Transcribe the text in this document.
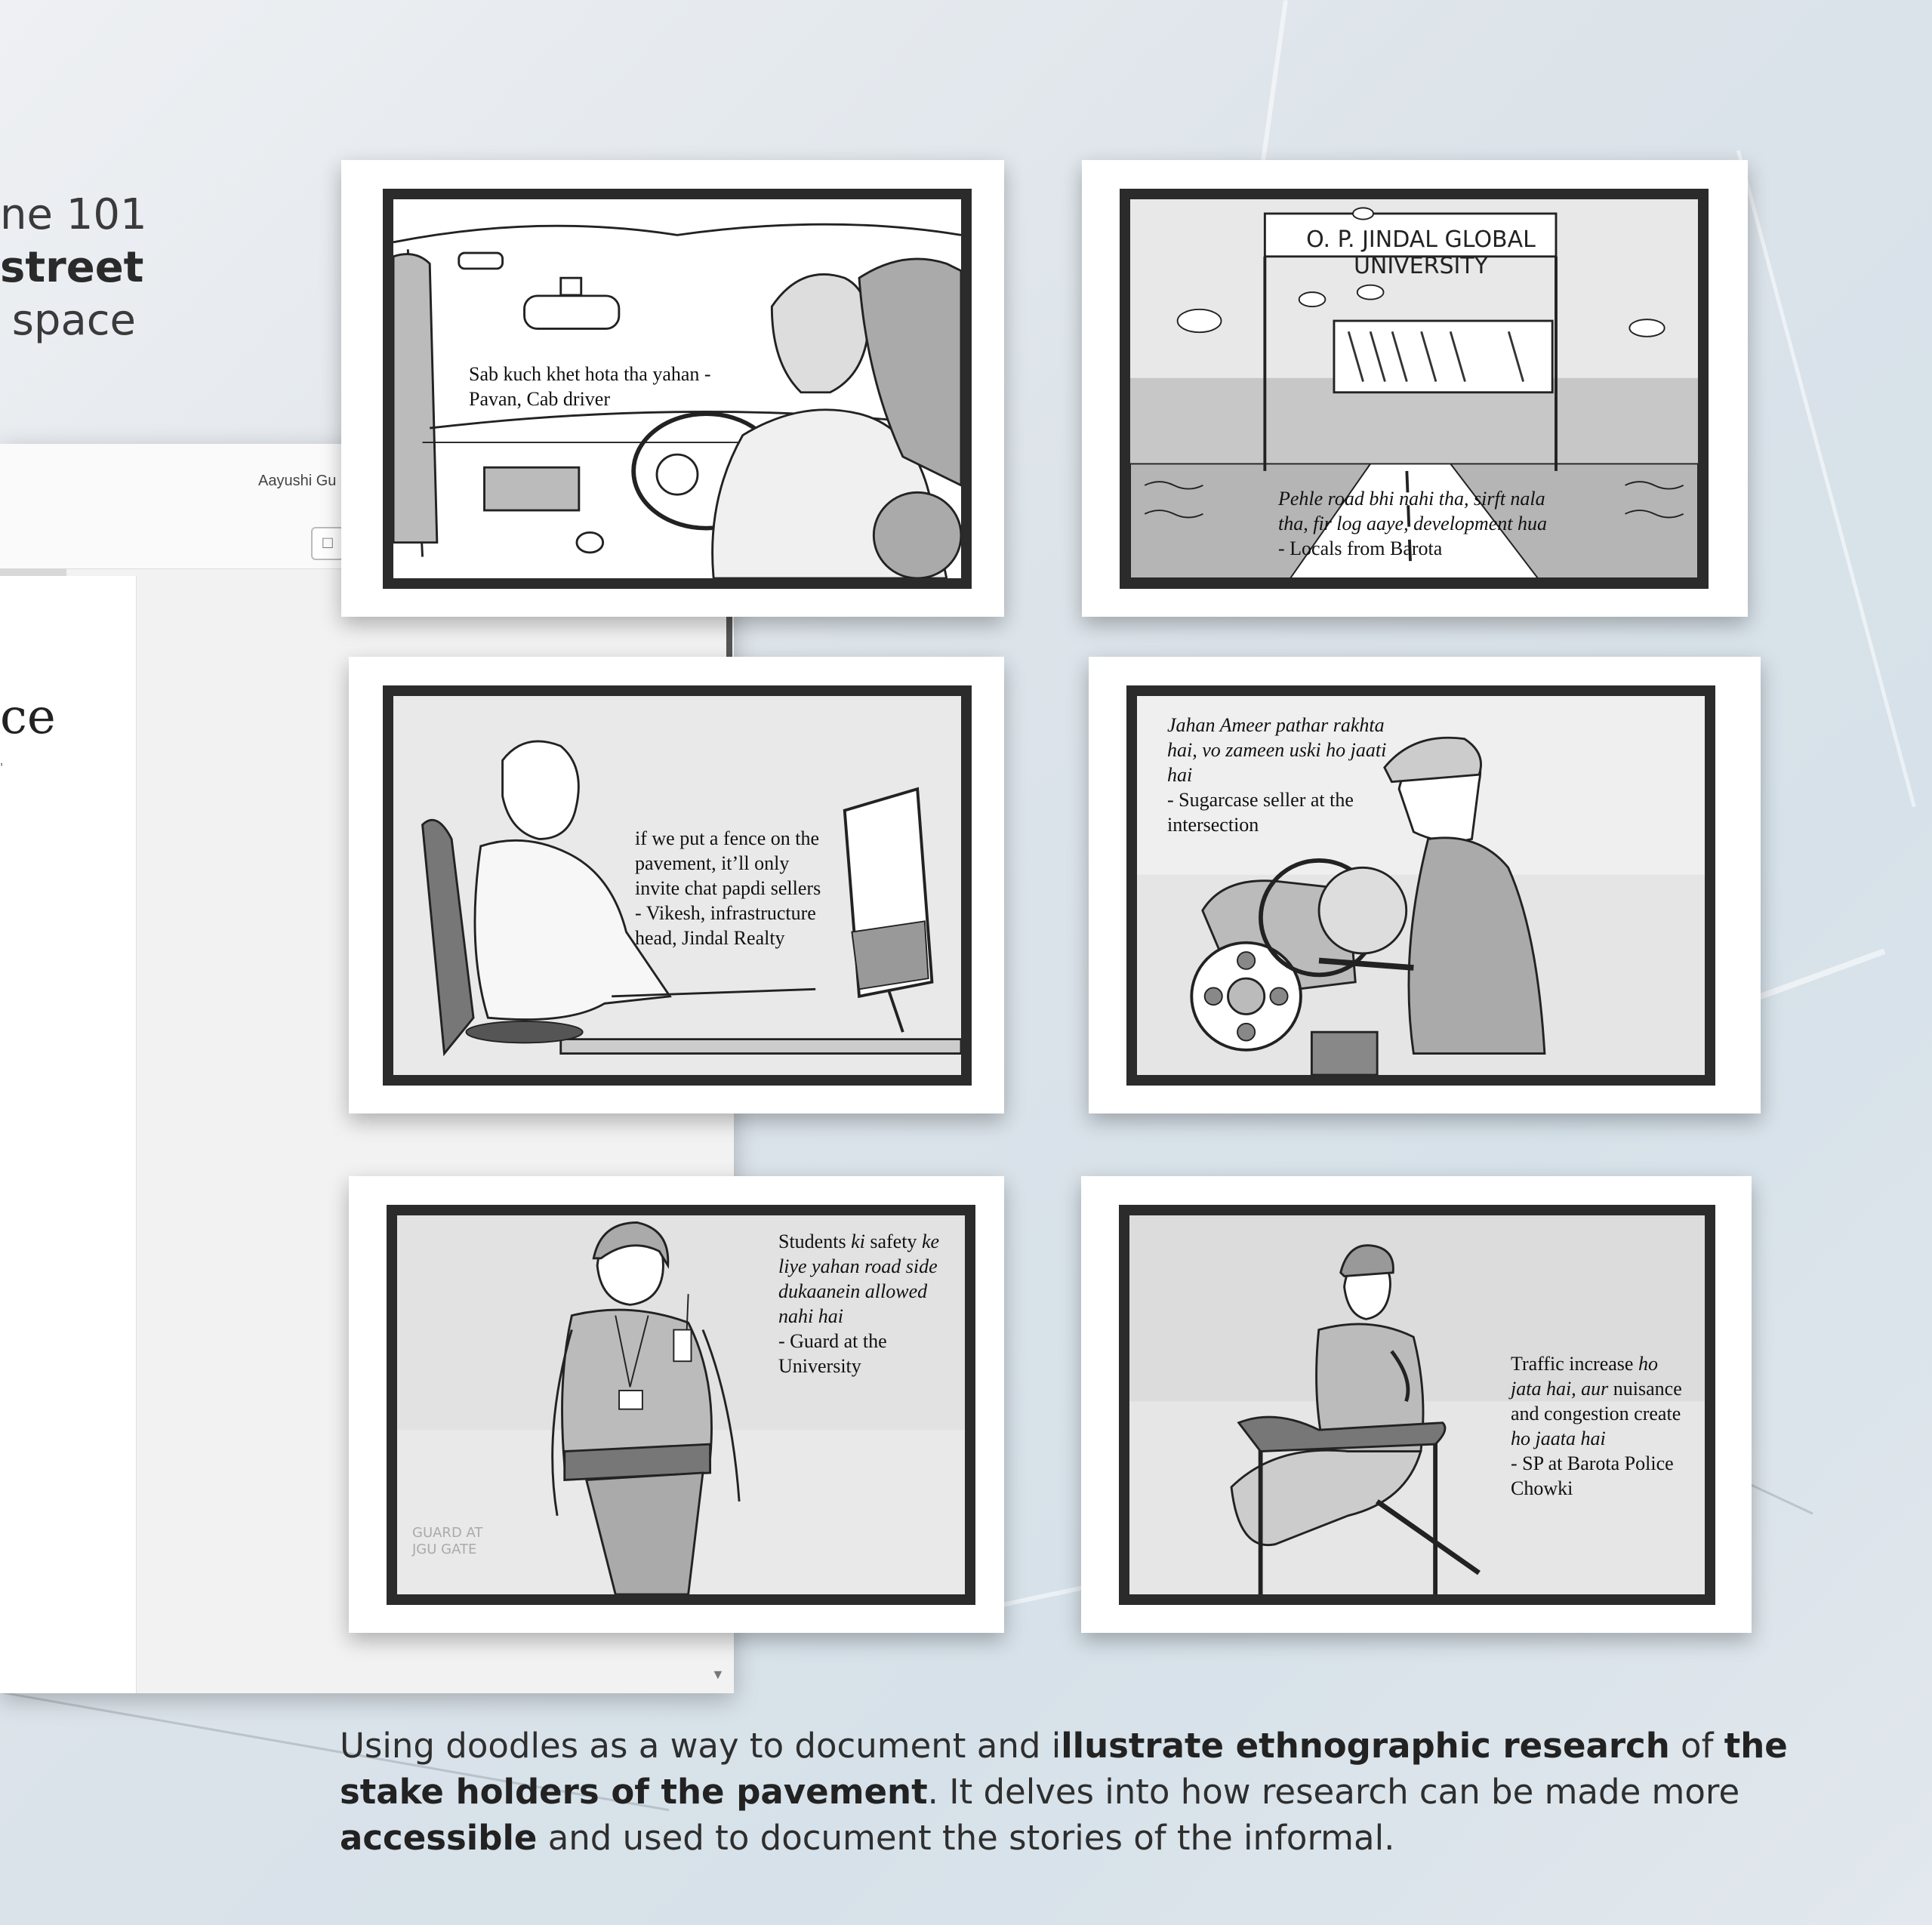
ne 101
street
space
Aayushi Gu
□
ce
’
▼
Sab kuch khet hota tha yahan -
Pavan, Cab driver
O. P. JINDAL GLOBAL UNIVERSITY
Pehle road bhi nahi tha, sirft nala
tha, fir log aaye, development hua
- Locals from Barota
if we put a fence on the
pavement, it’ll only
invite chat papdi sellers
- Vikesh, infrastructure
head, Jindal Realty
Jahan Ameer pathar rakhta
hai, vo zameen uski ho jaati
hai
- Sugarcase seller at the
intersection
GUARD AT
JGU GATE
Students ki safety ke
liye yahan road side
dukaanein allowed
nahi hai
- Guard at the
University	Traffic increase ho
jata hai, aur nuisance
and congestion create
ho jaata hai
- SP at Barota Police
Chowki
Using doodles as a way to document and illustrate ethnographic research of the stake holders of the pavement. It delves into how research can be made more accessible and used to document the stories of the informal.
